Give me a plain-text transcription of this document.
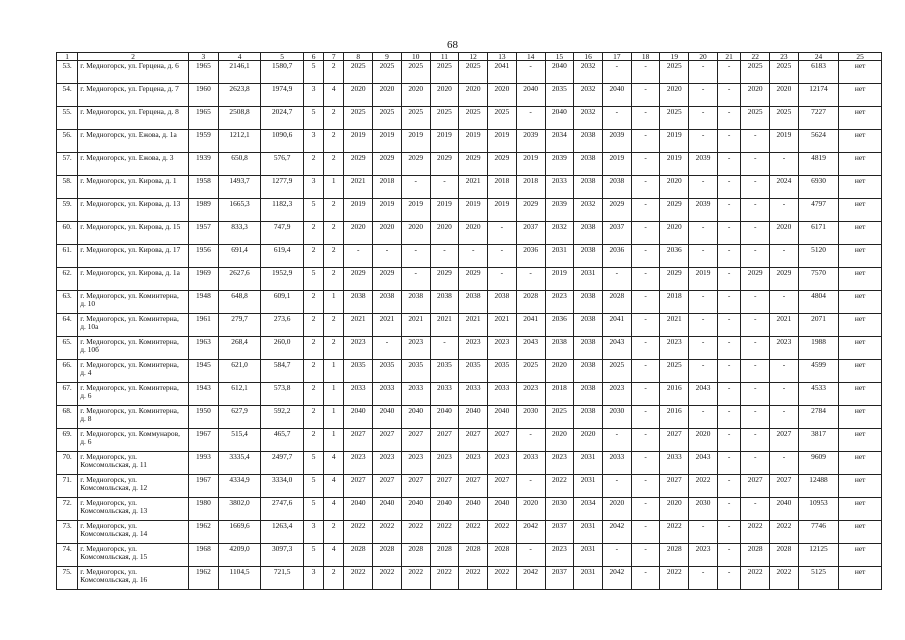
68
1	2	3	4	5	6	7	8	9	10	11	12	13	14	15	16	17	18	19	20	21	22	23	24	25
53.	г. Медногорск, ул. Герцена, д. 6	1965	2146,1	1580,7	5	2	2025	2025	2025	2025	2025	2041	-	2040	2032	-	-	2025	-	-	2025	2025	6183	нет
54.	г. Медногорск, ул. Герцена, д. 7	1960	2623,8	1974,9	3	4	2020	2020	2020	2020	2020	2020	2040	2035	2032	2040	-	2020	-	-	2020	2020	12174	нет
55.	г. Медногорск, ул. Герцена, д. 8	1965	2508,8	2024,7	5	2	2025	2025	2025	2025	2025	2025	-	2040	2032	-	-	2025	-	-	2025	2025	7227	нет
56.	г. Медногорск, ул. Ежова, д. 1а	1959	1212,1	1090,6	3	2	2019	2019	2019	2019	2019	2019	2039	2034	2038	2039	-	2019	-	-	-	2019	5624	нет
57.	г. Медногорск, ул. Ежова, д. 3	1939	650,8	576,7	2	2	2029	2029	2029	2029	2029	2029	2019	2039	2038	2019	-	2019	2039	-	-	-	4819	нет
58.	г. Медногорск, ул. Кирова, д. 1	1958	1493,7	1277,9	3	1	2021	2018	-	-	2021	2018	2018	2033	2038	2038	-	2020	-	-	-	2024	6930	нет
59.	г. Медногорск, ул. Кирова, д. 13	1989	1665,3	1182,3	5	2	2019	2019	2019	2019	2019	2019	2029	2039	2032	2029	-	2029	2039	-	-	-	4797	нет
60.	г. Медногорск, ул. Кирова, д. 15	1957	833,3	747,9	2	2	2020	2020	2020	2020	2020	-	2037	2032	2038	2037	-	2020	-	-	-	2020	6171	нет
61.	г. Медногорск, ул. Кирова, д. 17	1956	691,4	619,4	2	2	-	-	-	-	-	-	2036	2031	2038	2036	-	2036	-	-	-	-	5120	нет
62.	г. Медногорск, ул. Кирова, д. 1а	1969	2627,6	1952,9	5	2	2029	2029	-	2029	2029	-	-	2019	2031	-	-	2029	2019	-	2029	2029	7570	нет
63.	г. Медногорск, ул. Коминтерна, д. 10	1948	648,8	609,1	2	1	2038	2038	2038	2038	2038	2038	2028	2023	2038	2028	-	2018	-	-	-	-	4804	нет
64.	г. Медногорск, ул. Коминтерна, д. 10а	1961	279,7	273,6	2	2	2021	2021	2021	2021	2021	2021	2041	2036	2038	2041	-	2021	-	-	-	2021	2071	нет
65.	г. Медногорск, ул. Коминтерна, д. 10б	1963	268,4	260,0	2	2	2023	-	2023	-	2023	2023	2043	2038	2038	2043	-	2023	-	-	-	2023	1988	нет
66.	г. Медногорск, ул. Коминтерна, д. 4	1945	621,0	584,7	2	1	2035	2035	2035	2035	2035	2035	2025	2020	2038	2025	-	2025	-	-	-	-	4599	нет
67.	г. Медногорск, ул. Коминтерна, д. 6	1943	612,1	573,8	2	1	2033	2033	2033	2033	2033	2033	2023	2018	2038	2023	-	2016	2043	-	-	-	4533	нет
68.	г. Медногорск, ул. Коминтерна, д. 8	1950	627,9	592,2	2	1	2040	2040	2040	2040	2040	2040	2030	2025	2038	2030	-	2016	-	-	-	-	2784	нет
69.	г. Медногорск, ул. Коммунаров, д. 6	1967	515,4	465,7	2	1	2027	2027	2027	2027	2027	2027	-	2020	2020	-	-	2027	2020	-	-	2027	3817	нет
70.	г. Медногорск, ул. Комсомольская, д. 11	1993	3335,4	2497,7	5	4	2023	2023	2023	2023	2023	2023	2033	2023	2031	2033	-	2033	2043	-	-	-	9609	нет
71.	г. Медногорск, ул. Комсомольская, д. 12	1967	4334,9	3334,0	5	4	2027	2027	2027	2027	2027	2027	-	2022	2031	-	-	2027	2022	-	2027	2027	12488	нет
72.	г. Медногорск, ул. Комсомольская, д. 13	1980	3802,0	2747,6	5	4	2040	2040	2040	2040	2040	2040	2020	2030	2034	2020	-	2020	2030	-	-	2040	10953	нет
73.	г. Медногорск, ул. Комсомольская, д. 14	1962	1669,6	1263,4	3	2	2022	2022	2022	2022	2022	2022	2042	2037	2031	2042	-	2022	-	-	2022	2022	7746	нет
74.	г. Медногорск, ул. Комсомольская, д. 15	1968	4209,0	3097,3	5	4	2028	2028	2028	2028	2028	2028	-	2023	2031	-	-	2028	2023	-	2028	2028	12125	нет
75.	г. Медногорск, ул. Комсомольская, д. 16	1962	1104,5	721,5	3	2	2022	2022	2022	2022	2022	2022	2042	2037	2031	2042	-	2022	-	-	2022	2022	5125	нет
